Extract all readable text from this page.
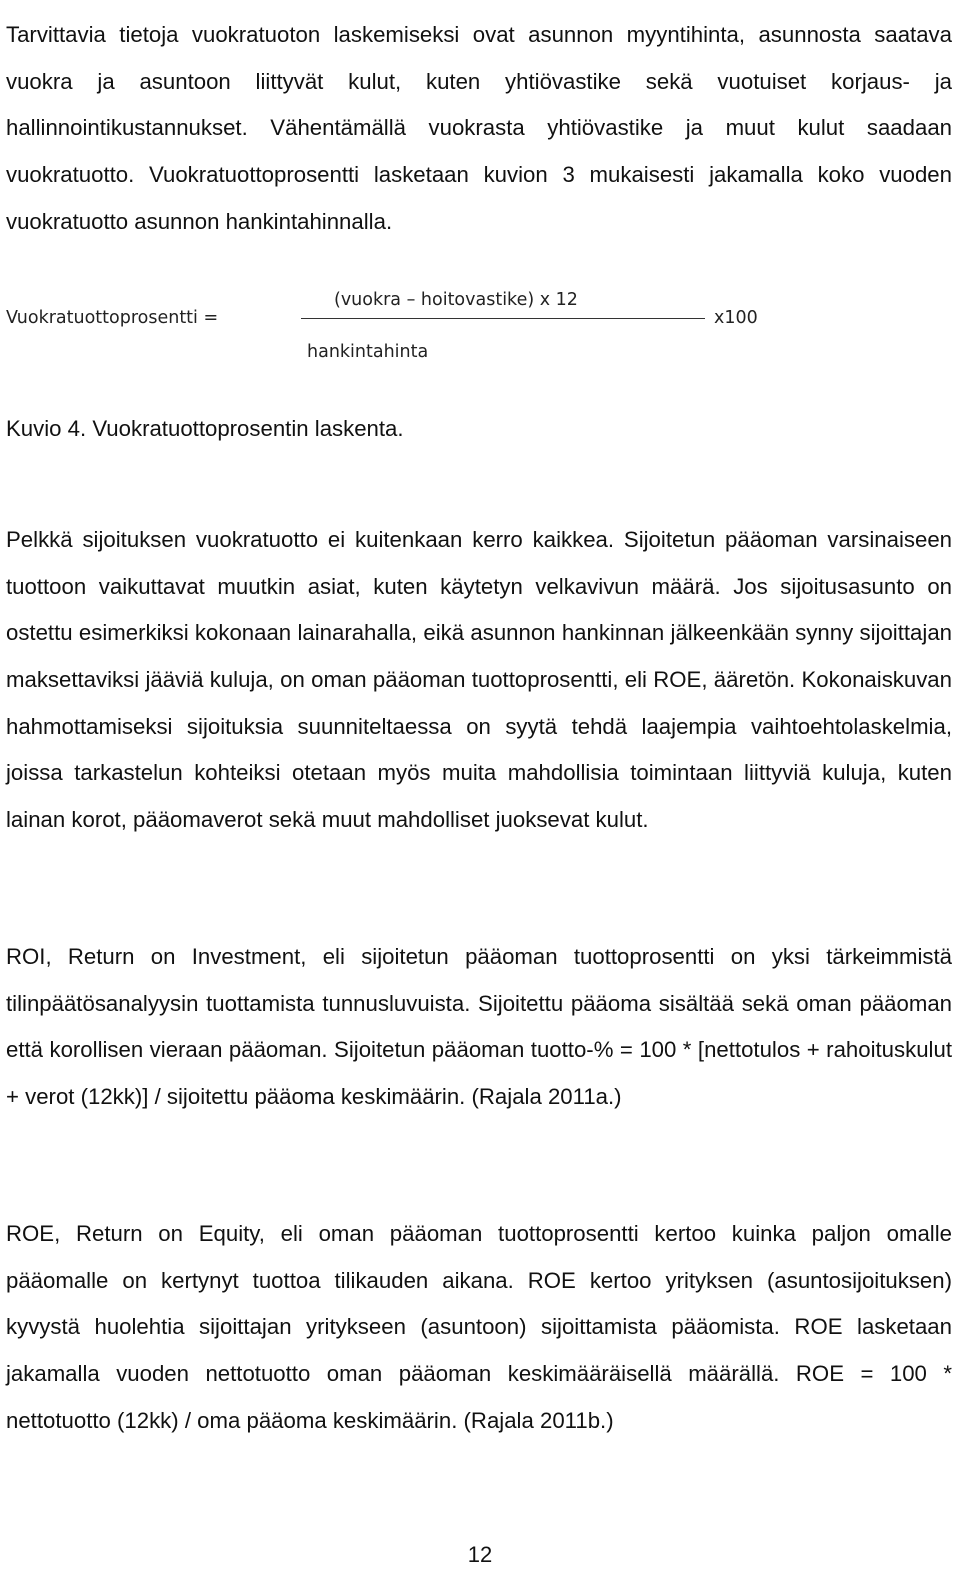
Tarvittavia tietoja vuokratuoton laskemiseksi ovat asunnon myyntihinta, asunnosta saatava vuokra ja asuntoon liittyvät kulut, kuten yhtiövastike sekä vuotuiset korjaus- ja hallinnointikustannukset. Vähentämällä vuokrasta yhtiövastike ja muut kulut saadaan vuokratuotto. Vuokratuottoprosentti lasketaan kuvion 3 mukaisesti jakamalla koko vuoden vuokratuotto asunnon hankintahinnalla.

Vuokratuottoprosentti =
(vuokra – hoitovastike) x 12
hankintahinta
x100
Kuvio 4. Vuokratuottoprosentin laskenta.

Pelkkä sijoituksen vuokratuotto ei kuitenkaan kerro kaikkea. Sijoitetun pääoman varsinaiseen tuottoon vaikuttavat muutkin asiat, kuten käytetyn velkavivun määrä. Jos sijoitusasunto on ostettu esimerkiksi kokonaan lainarahalla, eikä asunnon hankinnan jälkeenkään synny sijoittajan maksettaviksi jääviä kuluja, on oman pääoman tuottoprosentti, eli ROE, ääretön. Kokonaiskuvan hahmottamiseksi sijoituksia suunniteltaessa on syytä tehdä laajempia vaihtoehtolaskelmia, joissa tarkastelun kohteiksi otetaan myös muita mahdollisia toimintaan liittyviä kuluja, kuten lainan korot, pääomaverot sekä muut mahdolliset juoksevat kulut.

ROI, Return on Investment, eli sijoitetun pääoman tuottoprosentti on yksi tärkeimmistä tilinpäätösanalyysin tuottamista tunnusluvuista. Sijoitettu pääoma sisältää sekä oman pääoman että korollisen vieraan pääoman. Sijoitetun pääoman tuotto-% = 100 * [nettotulos + rahoituskulut + verot (12kk)] / sijoitettu pääoma keskimäärin. (Rajala 2011a.)

ROE, Return on Equity, eli oman pääoman tuottoprosentti kertoo kuinka paljon omalle pääomalle on kertynyt tuottoa tilikauden aikana. ROE kertoo yrityksen (asuntosijoituksen) kyvystä huolehtia sijoittajan yritykseen (asuntoon) sijoittamista pääomista. ROE lasketaan jakamalla vuoden nettotuotto oman pääoman keskimääräisellä määrällä. ROE = 100 * nettotuotto (12kk) / oma pääoma keskimäärin. (Rajala 2011b.)

12
